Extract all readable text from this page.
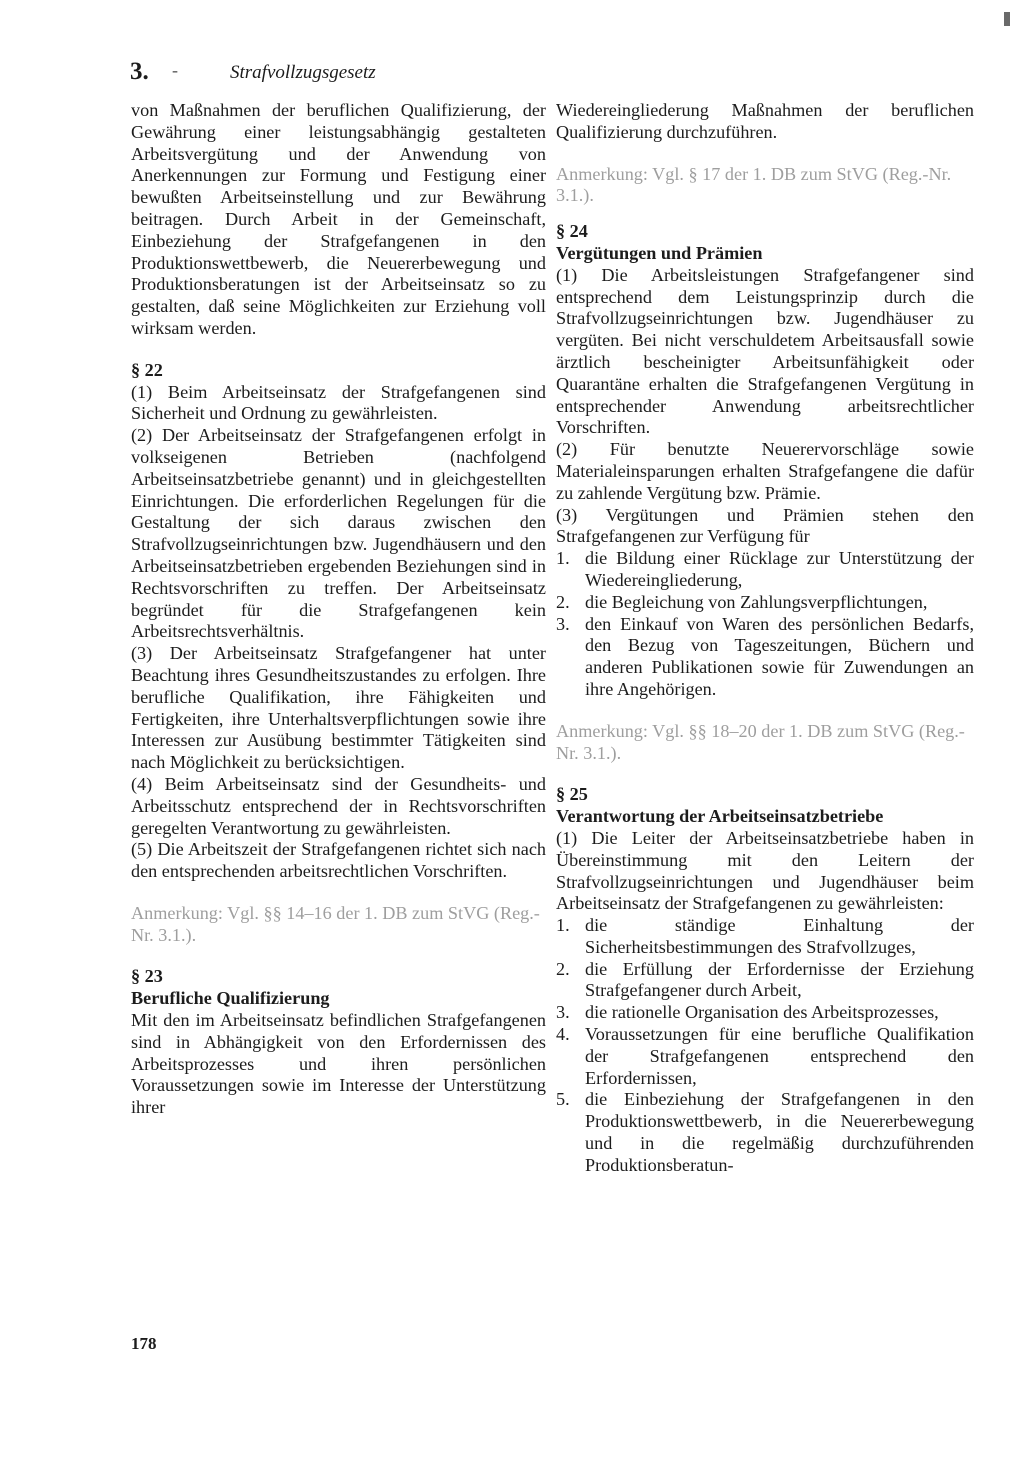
3. -	Strafvollzugsgesetz

von Maßnahmen der beruflichen Qualifizierung, der Gewährung einer leistungsabhängig gestalteten Arbeitsvergütung und der Anwendung von Anerkennungen zur Formung und Festigung einer bewußten Arbeitseinstellung und zur Bewährung beitragen. Durch Arbeit in der Gemeinschaft, Einbeziehung der Strafgefangenen in den Produktionswettbewerb, die Neuererbewegung und Produktionsberatungen ist der Arbeitseinsatz so zu gestalten, daß seine Möglichkeiten zur Erziehung voll wirksam werden.

§ 22

(1) Beim Arbeitseinsatz der Strafgefangenen sind Sicherheit und Ordnung zu gewährleisten.

(2) Der Arbeitseinsatz der Strafgefangenen erfolgt in volkseigenen Betrieben (nachfolgend Arbeitseinsatzbetriebe genannt) und in gleichgestellten Einrichtungen. Die erforderlichen Regelungen für die Gestaltung der sich daraus zwischen den Strafvollzugseinrichtungen bzw. Jugendhäusern und den Arbeitseinsatzbetrieben ergebenden Beziehungen sind in Rechtsvorschriften zu treffen. Der Arbeitseinsatz begründet für die Strafgefangenen kein Arbeitsrechtsverhältnis.

(3) Der Arbeitseinsatz Strafgefangener hat unter Beachtung ihres Gesundheitszustandes zu erfolgen. Ihre berufliche Qualifikation, ihre Fähigkeiten und Fertigkeiten, ihre Unterhaltsverpflichtungen sowie ihre Interessen zur Ausübung bestimmter Tätigkeiten sind nach Möglichkeit zu berücksichtigen.

(4) Beim Arbeitseinsatz sind der Gesundheits- und Arbeitsschutz entsprechend der in Rechtsvorschriften geregelten Verantwortung zu gewährleisten.

(5) Die Arbeitszeit der Strafgefangenen richtet sich nach den entsprechenden arbeitsrechtlichen Vorschriften.

Anmerkung: Vgl. §§ 14–16 der 1. DB zum StVG (Reg.-Nr. 3.1.).

§ 23

Berufliche Qualifizierung

Mit den im Arbeitseinsatz befindlichen Strafgefangenen sind in Abhängigkeit von den Erfordernissen des Arbeitsprozesses und ihren persönlichen Voraussetzungen sowie im Interesse der Unterstützung ihrer

Wiedereingliederung Maßnahmen der beruflichen Qualifizierung durchzuführen.

Anmerkung: Vgl. § 17 der 1. DB zum StVG (Reg.-Nr. 3.1.).

§ 24

Vergütungen und Prämien

(1) Die Arbeitsleistungen Strafgefangener sind entsprechend dem Leistungsprinzip durch die Strafvollzugseinrichtungen bzw. Jugendhäuser zu vergüten. Bei nicht verschuldetem Arbeitsausfall sowie ärztlich bescheinigter Arbeitsunfähigkeit oder Quarantäne erhalten die Strafgefangenen Vergütung in entsprechender Anwendung arbeitsrechtlicher Vorschriften.

(2) Für benutzte Neuerervorschläge sowie Materialeinsparungen erhalten Strafgefangene die dafür zu zahlende Vergütung bzw. Prämie.

(3) Vergütungen und Prämien stehen den Strafgefangenen zur Verfügung für

1. die Bildung einer Rücklage zur Unterstützung der Wiedereingliederung,
2. die Begleichung von Zahlungsverpflichtungen,
3. den Einkauf von Waren des persönlichen Bedarfs, den Bezug von Tageszeitungen, Büchern und anderen Publikationen sowie für Zuwendungen an ihre Angehörigen.

Anmerkung: Vgl. §§ 18–20 der 1. DB zum StVG (Reg.-Nr. 3.1.).

§ 25

Verantwortung der Arbeitseinsatzbetriebe

(1) Die Leiter der Arbeitseinsatzbetriebe haben in Übereinstimmung mit den Leitern der Strafvollzugseinrichtungen und Jugendhäuser beim Arbeitseinsatz der Strafgefangenen zu gewährleisten:

1. die ständige Einhaltung der Sicherheitsbestimmungen des Strafvollzuges,
2. die Erfüllung der Erfordernisse der Erziehung Strafgefangener durch Arbeit,
3. die rationelle Organisation des Arbeitsprozesses,
4. Voraussetzungen für eine berufliche Qualifikation der Strafgefangenen entsprechend den Erfordernissen,
5. die Einbeziehung der Strafgefangenen in den Produktionswettbewerb, in die Neuererbewegung und in die regelmäßig durchzuführenden Produktionsberatun-
178
